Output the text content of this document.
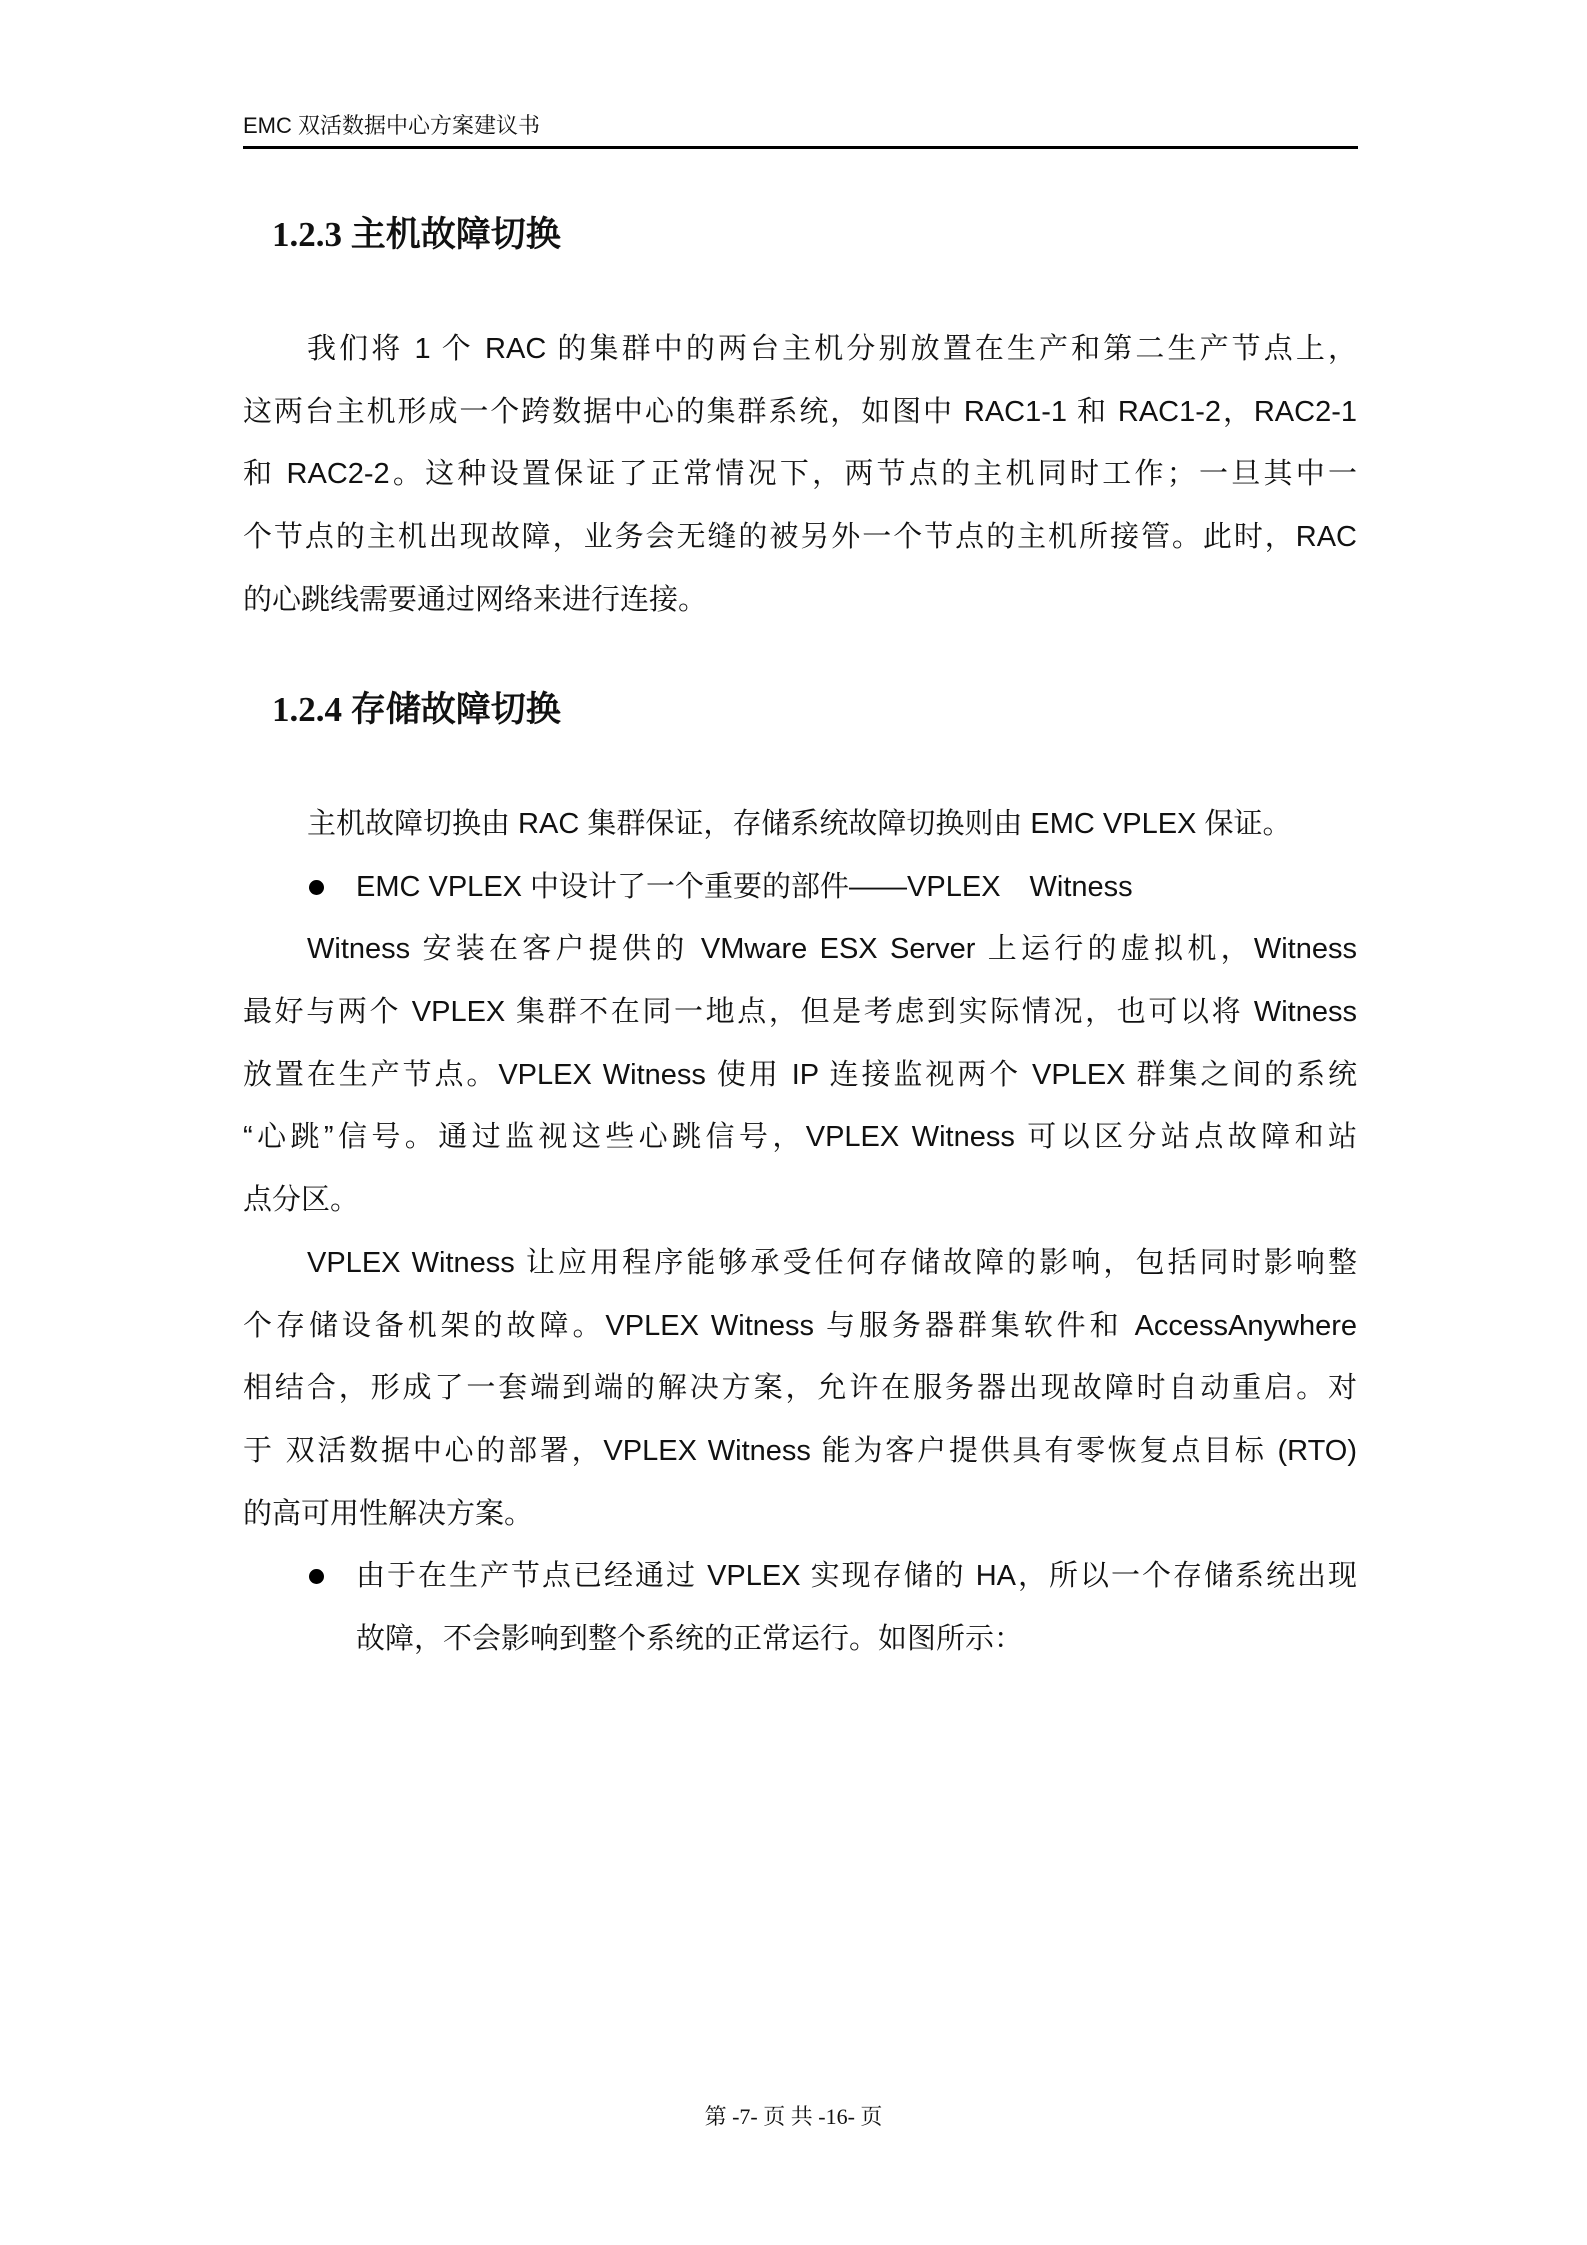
EMC 双活数据中心方案建议书
1.2.3 主机故障切换
我们将 1 个 RAC 的集群中的两台主机分别放置在生产和第二生产节点上，
这两台主机形成一个跨数据中心的集群系统，如图中 RAC1-1 和 RAC1-2，RAC2-1
和 RAC2-2。这种设置保证了正常情况下，两节点的主机同时工作；一旦其中一
个节点的主机出现故障，业务会无缝的被另外一个节点的主机所接管。此时，RAC
的心跳线需要通过网络来进行连接。
1.2.4 存储故障切换
主机故障切换由 RAC 集群保证，存储系统故障切换则由 EMC VPLEX 保证。
EMC VPLEX 中设计了一个重要的部件——VPLEX　Witness
Witness 安装在客户提供的 VMware ESX Server 上运行的虚拟机，Witness
最好与两个 VPLEX 集群不在同一地点，但是考虑到实际情况，也可以将 Witness
放置在生产节点。VPLEX Witness 使用 IP 连接监视两个 VPLEX 群集之间的系统
“心跳”信号。通过监视这些心跳信号，VPLEX Witness 可以区分站点故障和站
点分区。
VPLEX Witness 让应用程序能够承受任何存储故障的影响，包括同时影响整
个存储设备机架的故障。VPLEX Witness 与服务器群集软件和 AccessAnywhere
相结合，形成了一套端到端的解决方案，允许在服务器出现故障时自动重启。对
于 双活数据中心的部署，VPLEX Witness 能为客户提供具有零恢复点目标 (RTO)
的高可用性解决方案。
由于在生产节点已经通过 VPLEX 实现存储的 HA，所以一个存储系统出现
故障，不会影响到整个系统的正常运行。如图所示：
第 -7- 页 共 -16- 页
